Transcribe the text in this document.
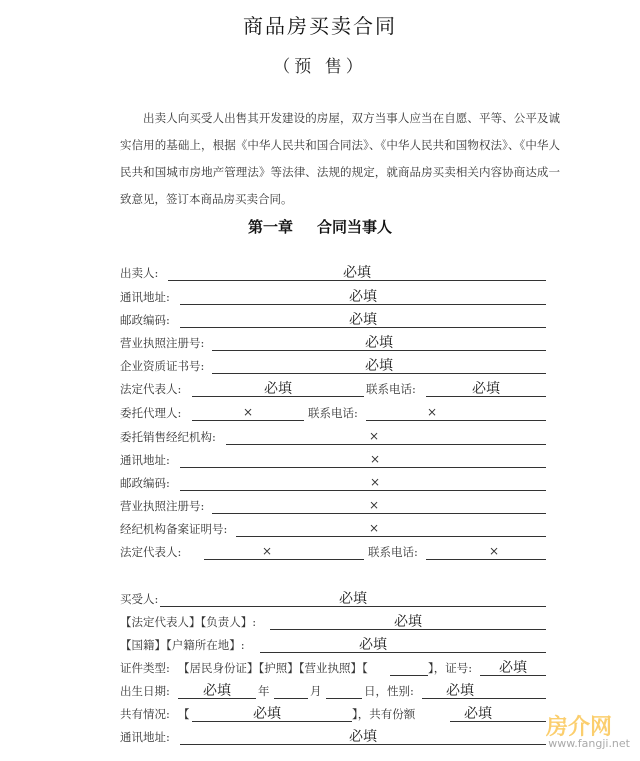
商品房买卖合同
（预 售）
出卖人向买受人出售其开发建设的房屋，双方当事人应当在自愿、平等、公平及诚实信用的基础上，根据《中华人民共和国合同法》、《中华人民共和国物权法》、《中华人民共和国城市房地产管理法》等法律、法规的规定，就商品房买卖相关内容协商达成一致意见，签订本商品房买卖合同。
第一章 合同当事人
出卖人:	必填
通讯地址:	必填
邮政编码:	必填
营业执照注册号:	必填
企业资质证书号:	必填
法定代表人:	必填	联系电话:	必填
委托代理人:	×	联系电话:	×
委托销售经纪机构:	×
通讯地址:	×
邮政编码:	×
营业执照注册号:	×
经纪机构备案证明号:	×
法定代表人:	×	联系电话:	×
买受人:	必填
【法定代表人】【负责人】:	必填
【国籍】【户籍所在地】:	必填
证件类型: 【居民身份证】【护照】【营业执照】【	】，证号:	必填
出生日期:	必填	年	月	日，性别:	必填
共有情况: 【	必填	】，共有份额	必填
通讯地址:	必填	房介网
www.fangji.net
